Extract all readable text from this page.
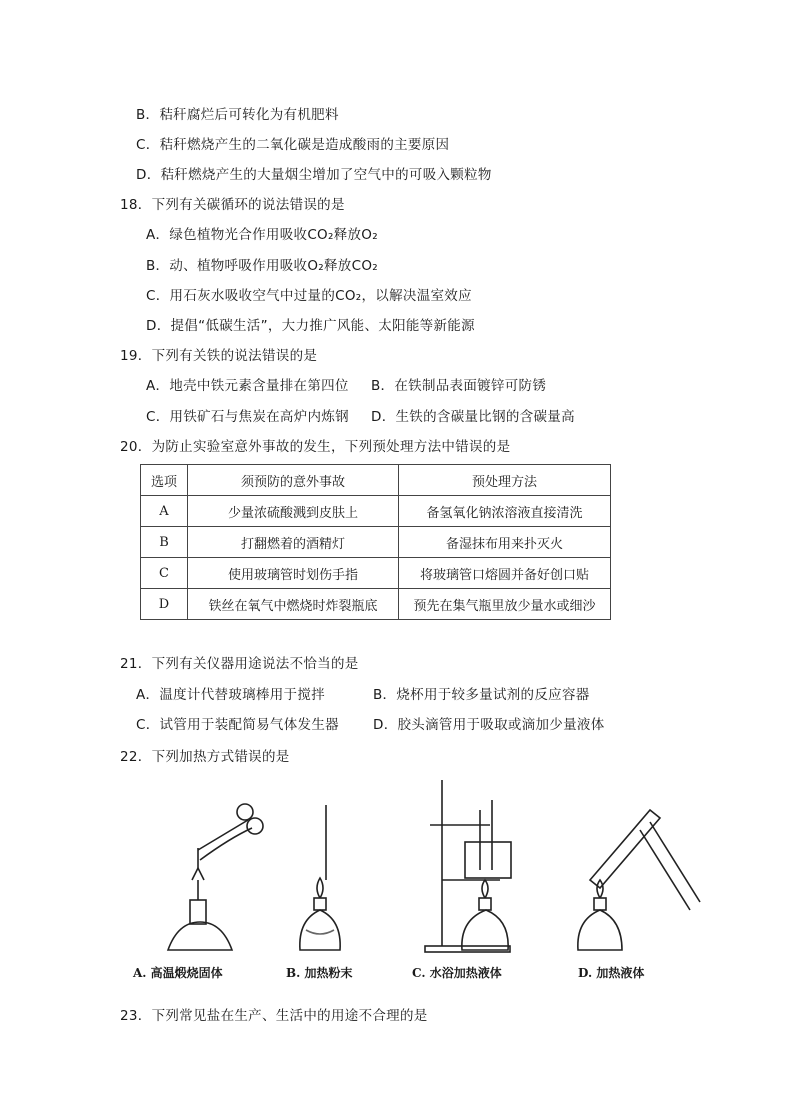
B．秸秆腐烂后可转化为有机肥料
C．秸秆燃烧产生的二氧化碳是造成酸雨的主要原因
D．秸秆燃烧产生的大量烟尘增加了空气中的可吸入颗粒物
18．下列有关碳循环的说法错误的是
A．绿色植物光合作用吸收CO₂释放O₂
B．动、植物呼吸作用吸收O₂释放CO₂
C．用石灰水吸收空气中过量的CO₂，以解决温室效应
D．提倡“低碳生活”，大力推广风能、太阳能等新能源
19．下列有关铁的说法错误的是
A．地壳中铁元素含量排在第四位 B．在铁制品表面镀锌可防锈
C．用铁矿石与焦炭在高炉内炼钢 D．生铁的含碳量比钢的含碳量高
20．为防止实验室意外事故的发生，下列预处理方法中错误的是
选项	须预防的意外事故	预处理方法
A	少量浓硫酸溅到皮肤上	备氢氧化钠浓溶液直接清洗
B	打翻燃着的酒精灯	备湿抹布用来扑灭火
C	使用玻璃管时划伤手指	将玻璃管口熔圆并备好创口贴
D	铁丝在氧气中燃烧时炸裂瓶底	预先在集气瓶里放少量水或细沙
21．下列有关仪器用途说法不恰当的是
A．温度计代替玻璃棒用于搅拌	B．烧杯用于较多量试剂的反应容器
C．试管用于装配简易气体发生器	D．胶头滴管用于吸取或滴加少量液体
22．下列加热方式错误的是
A. 高温煅烧固体	B. 加热粉末	C. 水浴加热液体	D. 加热液体
23．下列常见盐在生产、生活中的用途不合理的是
